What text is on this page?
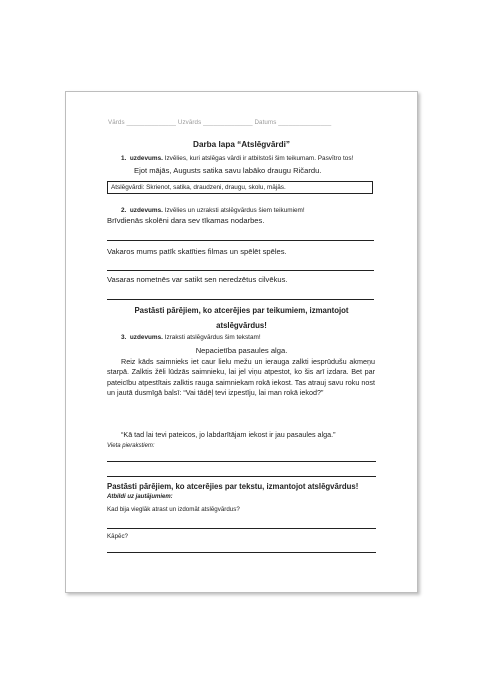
Vārds ______________ Uzvārds ______________ Datums _______________
Darba lapa “Atslēgvārdi”
1. uzdevums. Izvēlies, kuri atslēgas vārdi ir atbilstoši šim teikumam. Pasvītro tos!
Ejot mājās, Augusts satika savu labāko draugu Ričardu.
Atslēgvārdi: Skrienot, satika, draudzeni, draugu, skolu, mājās.
2. uzdevums. Izvēlies un uzraksti atslēgvārdus šiem teikumiem!
Brīvdienās skolēni dara sev tīkamas nodarbes.
Vakaros mums patīk skatīties filmas un spēlēt spēles.
Vasaras nometnēs var satikt sen neredzētus cilvēkus.
Pastāsti pārējiem, ko atcerējies par teikumiem, izmantojot
atslēgvārdus!
3. uzdevums. Izraksti atslēgvārdus šim tekstam!
Nepacietība pasaules alga.
Reiz kāds saimnieks iet caur lielu mežu un ierauga zalkti iesprūdušu akmeņu starpā. Zalktis žēli lūdzās saimnieku, lai jel viņu atpestot, ko šis arī izdara. Bet par pateicību atpestītais zalktis rauga saimniekam rokā iekost. Tas atrauj savu roku nost un jautā dusmīgā balsī: “Vai tādēļ tevi izpestīju, lai man rokā iekod?”
“Kā tad lai tevi pateicos, jo labdarītājam iekost ir jau pasaules alga.”
Vieta pierakstiem:
Pastāsti pārējiem, ko atcerējies par tekstu, izmantojot atslēgvārdus!
Atbildi uz jautājumiem:
Kad bija vieglāk atrast un izdomāt atslēgvārdus?
Kāpēc?
